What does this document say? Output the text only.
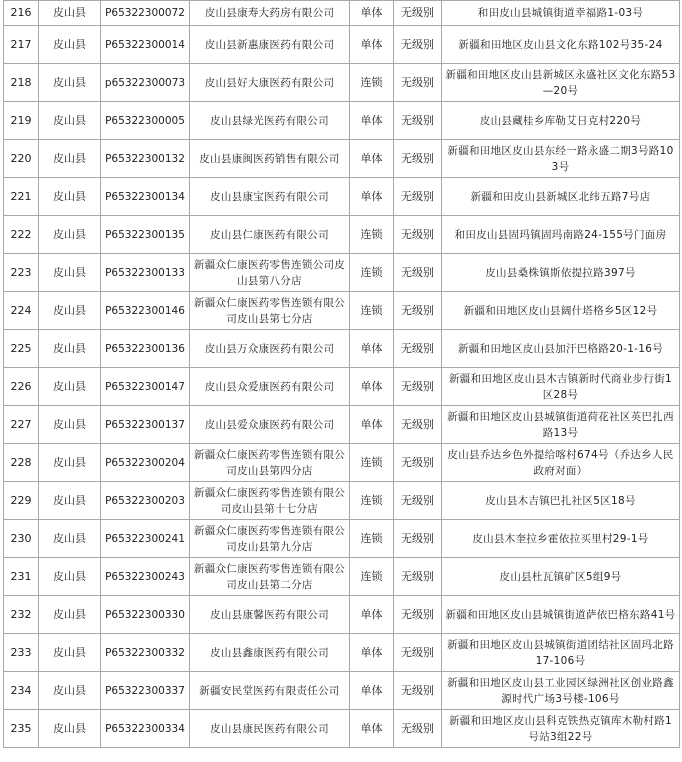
216	皮山县	P65322300072	皮山县康寿大药房有限公司	单体	无级别	和田皮山县城镇街道幸福路1-03号
217	皮山县	P65322300014	皮山县新惠康医药有限公司	单体	无级别	新疆和田地区皮山县文化东路102号35-24
218	皮山县	p65322300073	皮山县好大康医药有限公司	连锁	无级别	新疆和田地区皮山县新城区永盛社区文化东路53—20号
219	皮山县	P65322300005	皮山县绿光医药有限公司	单体	无级别	皮山县藏桂乡库勒艾日克村220号
220	皮山县	P65322300132	皮山县康闽医药销售有限公司	单体	无级别	新疆和田地区皮山县东经一路永盛二期3号路103号
221	皮山县	P65322300134	皮山县康宝医药有限公司	单体	无级别	新疆和田皮山县新城区北纬五路7号店
222	皮山县	P65322300135	皮山县仁康医药有限公司	连锁	无级别	和田皮山县固玛镇固玛南路24-155号门面房
223	皮山县	P65322300133	新疆众仁康医药零售连锁公司皮山县第八分店	连锁	无级别	皮山县桑株镇斯依提拉路397号
224	皮山县	P65322300146	新疆众仁康医药零售连锁有限公司皮山县第七分店	连锁	无级别	新疆和田地区皮山县阔什塔格乡5区12号
225	皮山县	P65322300136	皮山县万众康医药有限公司	单体	无级别	新疆和田地区皮山县加汗巴格路20-1-16号
226	皮山县	P65322300147	皮山县众爱康医药有限公司	单体	无级别	新疆和田地区皮山县木吉镇新时代商业步行街1区28号
227	皮山县	P65322300137	皮山县爱众康医药有限公司	单体	无级别	新疆和田地区皮山县城镇街道荷花社区英巴扎西路13号
228	皮山县	P65322300204	新疆众仁康医药零售连锁有限公司皮山县第四分店	连锁	无级别	皮山县乔达乡色外提给喀村674号（乔达乡人民政府对面）
229	皮山县	P65322300203	新疆众仁康医药零售连锁有限公司皮山县第十七分店	连锁	无级别	皮山县木吉镇巴扎社区5区18号
230	皮山县	P65322300241	新疆众仁康医药零售连锁有限公司皮山县第九分店	连锁	无级别	皮山县木奎拉乡霍依拉买里村29-1号
231	皮山县	P65322300243	新疆众仁康医药零售连锁有限公司皮山县第二分店	连锁	无级别	皮山县杜瓦镇矿区5组9号
232	皮山县	P65322300330	皮山县康馨医药有限公司	单体	无级别	新疆和田地区皮山县城镇街道萨依巴格东路41号
233	皮山县	P65322300332	皮山县鑫康医药有限公司	单体	无级别	新疆和田地区皮山县城镇街道团结社区固玛北路17-106号
234	皮山县	P65322300337	新疆安民堂医药有限责任公司	单体	无级别	新疆和田地区皮山县工业园区绿洲社区创业路鑫源时代广场3号楼-106号
235	皮山县	P65322300334	皮山县康民医药有限公司	单体	无级别	新疆和田地区皮山县科克铁热克镇库木勒村路1号站3组22号
